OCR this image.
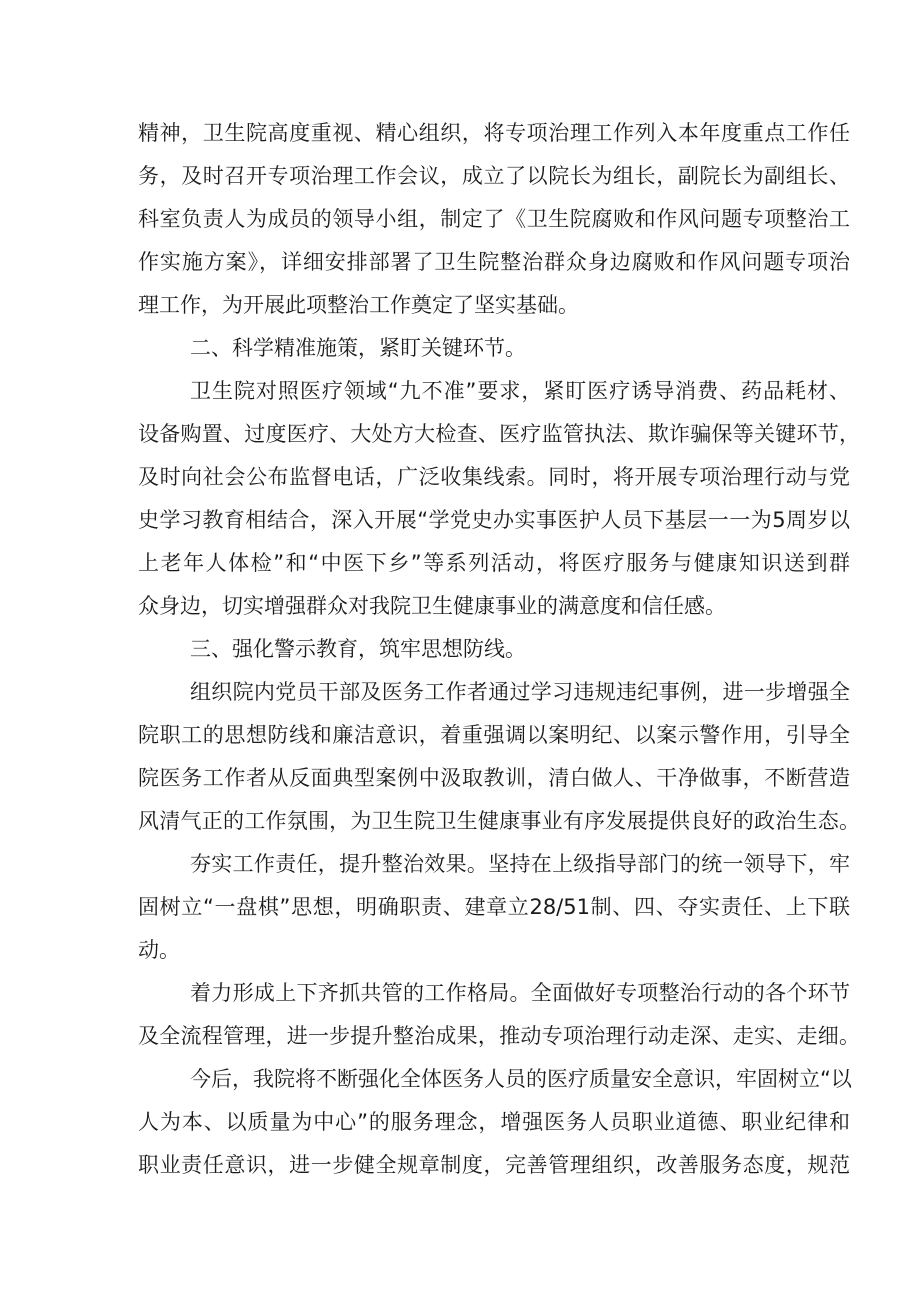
精神，卫生院高度重视、精心组织，将专项治理工作列入本年度重点工作任
务，及时召开专项治理工作会议，成立了以院长为组长，副院长为副组长、
科室负责人为成员的领导小组，制定了《卫生院腐败和作风问题专项整治工
作实施方案》，详细安排部署了卫生院整治群众身边腐败和作风问题专项治
理工作，为开展此项整治工作奠定了坚实基础。
二、科学精准施策，紧盯关键环节。
卫生院对照医疗领域“九不准”要求，紧盯医疗诱导消费、药品耗材、
设备购置、过度医疗、大处方大检查、医疗监管执法、欺诈骗保等关键环节，
及时向社会公布监督电话，广泛收集线索。同时，将开展专项治理行动与党
史学习教育相结合，深入开展“学党史办实事医护人员下基层一一为5周岁以
上老年人体检”和“中医下乡”等系列活动，将医疗服务与健康知识送到群
众身边，切实增强群众对我院卫生健康事业的满意度和信任感。
三、强化警示教育，筑牢思想防线。
组织院内党员干部及医务工作者通过学习违规违纪事例，进一步增强全
院职工的思想防线和廉洁意识，着重强调以案明纪、以案示警作用，引导全
院医务工作者从反面典型案例中汲取教训，清白做人、干净做事，不断营造
风清气正的工作氛围，为卫生院卫生健康事业有序发展提供良好的政治生态。
夯实工作责任，提升整治效果。坚持在上级指导部门的统一领导下，牢
固树立“一盘棋”思想，明确职责、建章立28/51制、四、夺实责任、上下联
动。
着力形成上下齐抓共管的工作格局。全面做好专项整治行动的各个环节
及全流程管理，进一步提升整治成果，推动专项治理行动走深、走实、走细。
今后，我院将不断强化全体医务人员的医疗质量安全意识，牢固树立“以
人为本、以质量为中心”的服务理念，增强医务人员职业道德、职业纪律和
职业责任意识，进一步健全规章制度，完善管理组织，改善服务态度，规范
